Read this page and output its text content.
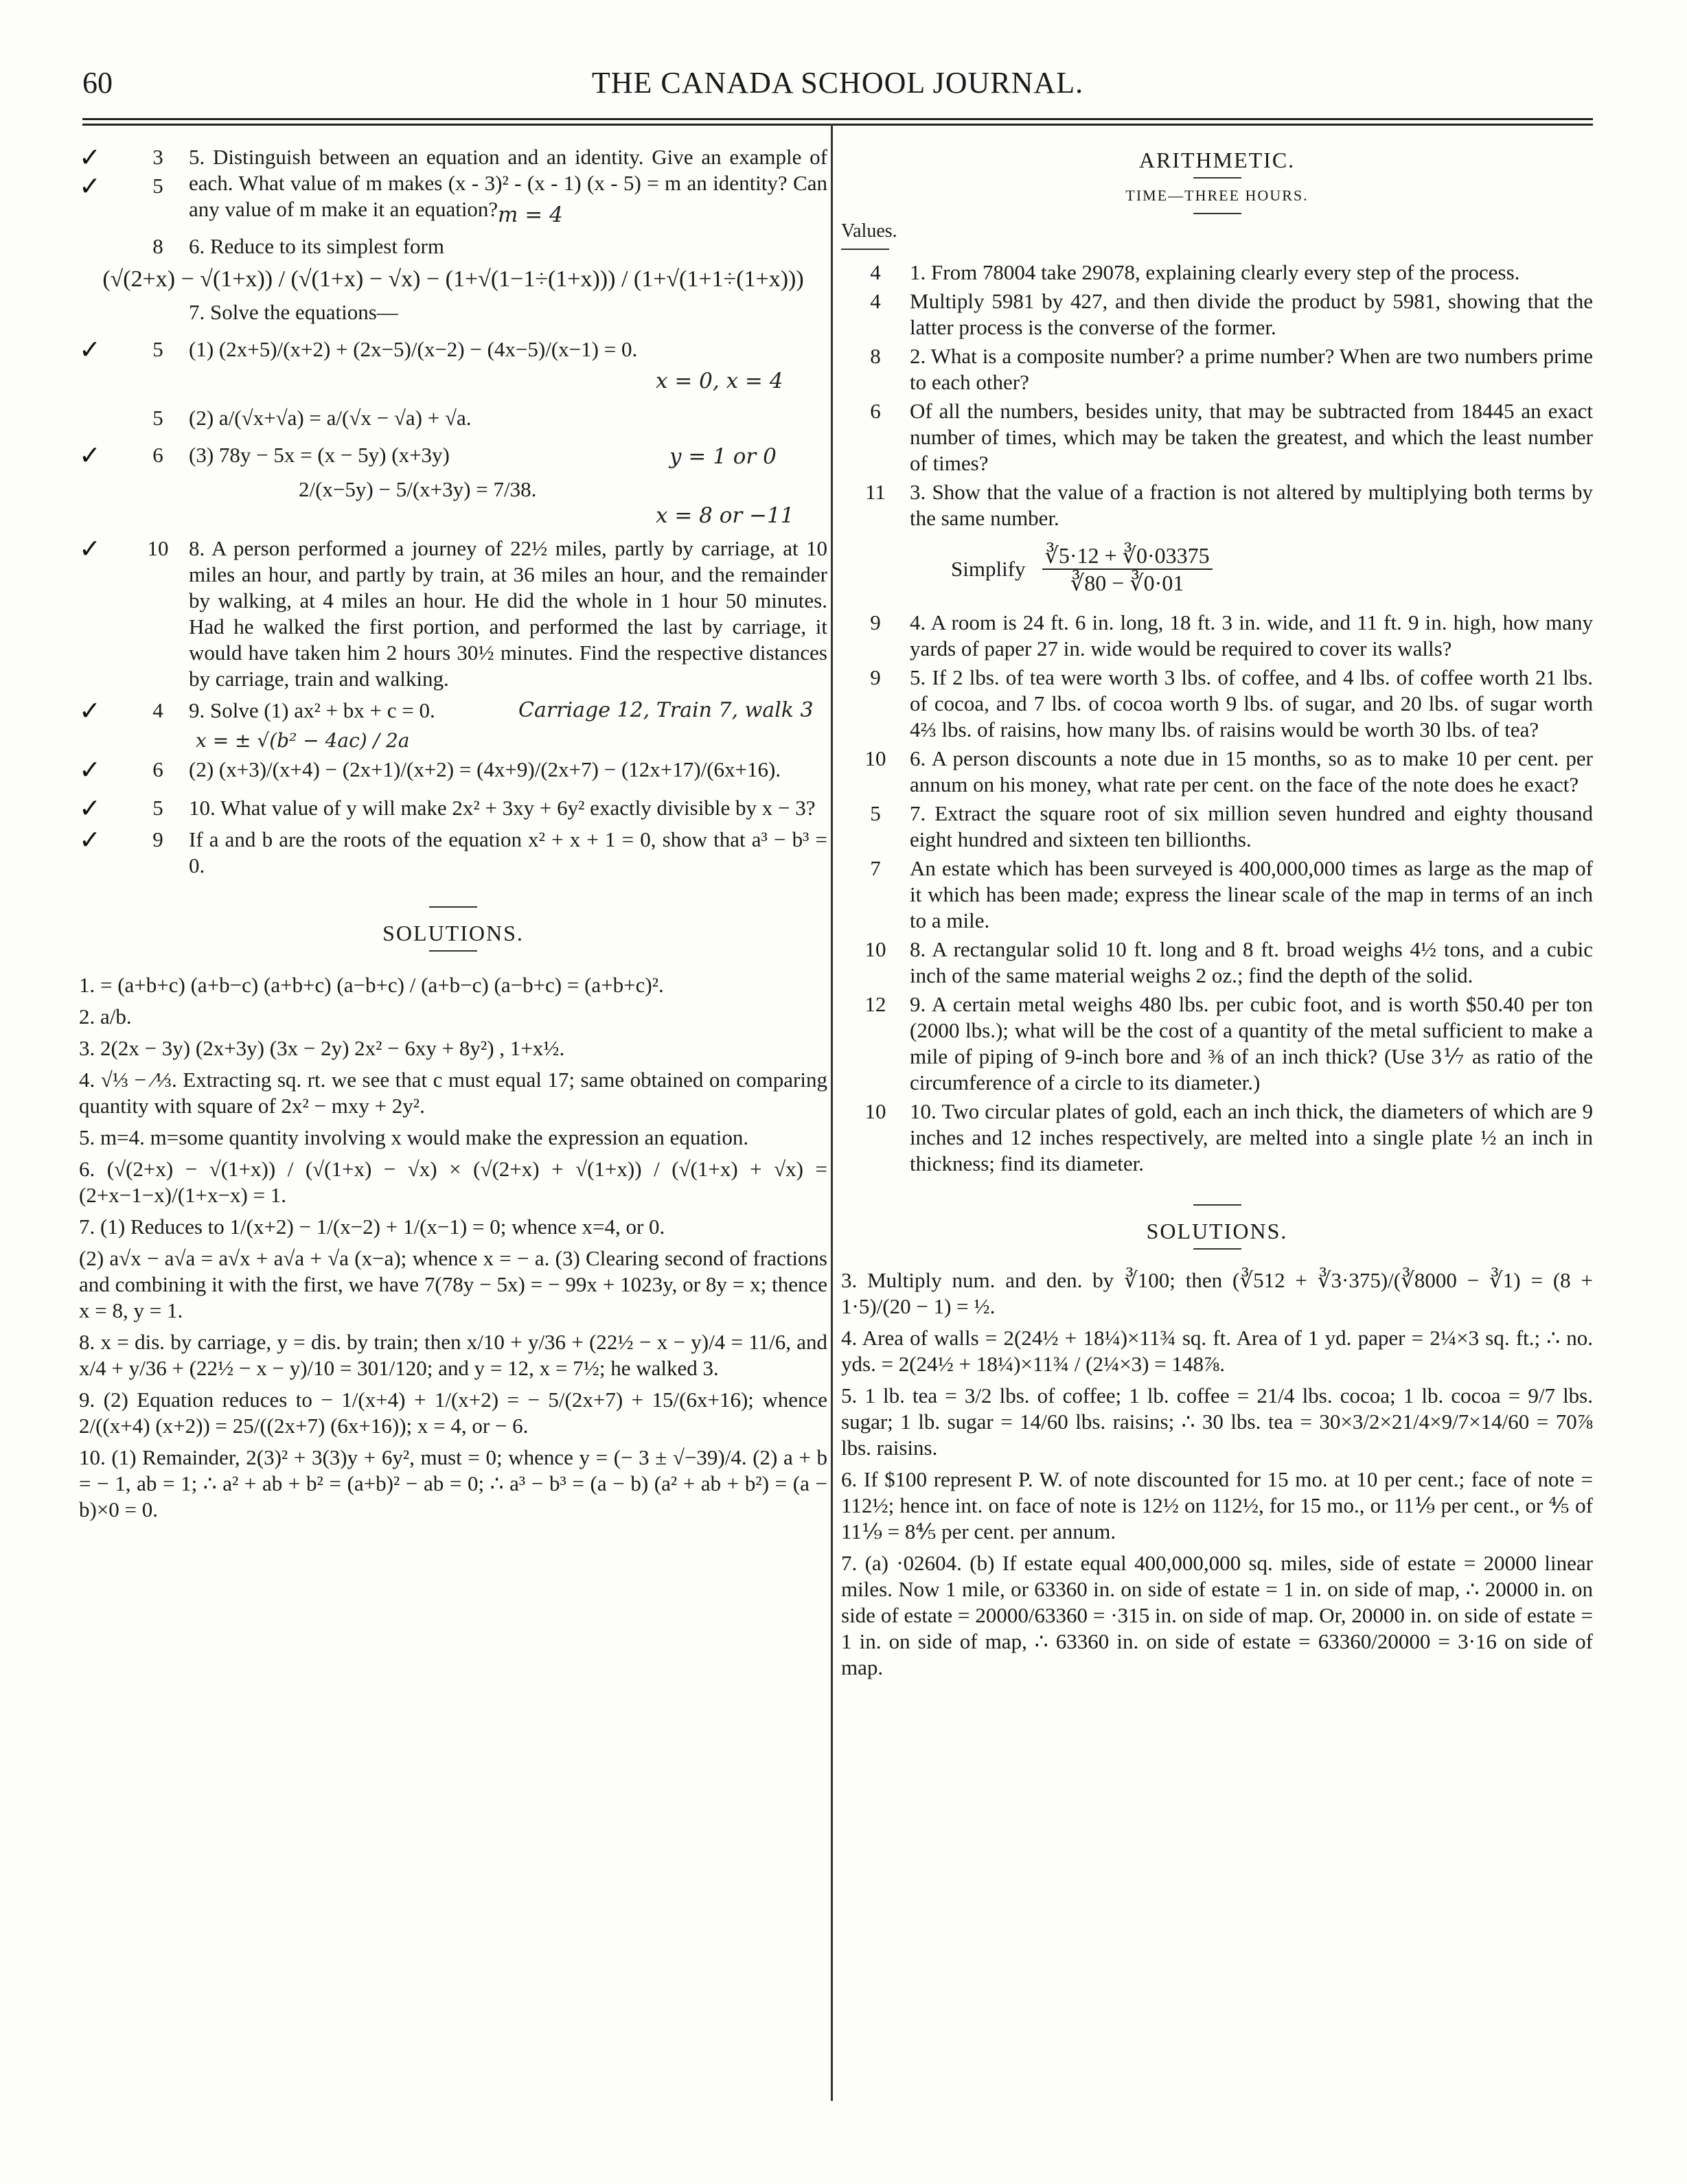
60	THE CANADA SCHOOL JOURNAL.
✓	3	5. Distinguish between an equation and an identity. Give an example of each. What value of m makes (x - 3)² - (x - 1) (x - 5) = m an identity? Can any value of m make it an equation?
✓	5
m = 4
8	6. Reduce to its simplest form
(√(2+x) − √(1+x)) / (√(1+x) − √x) − (1+√(1−1÷(1+x))) / (1+√(1+1÷(1+x)))
7. Solve the equations—
✓	5	(1) (2x+5)/(x+2) + (2x−5)/(x−2) − (4x−5)/(x−1) = 0.
x = 0, x = 4
5	(2) a/(√x+√a) = a/(√x − √a) + √a.
✓	6	(3) 78y − 5x = (x − 5y) (x+3y)	y = 1 or 0
2/(x−5y) − 5/(x+3y) = 7/38.
x = 8 or −11
✓	10 8. A person performed a journey of 22½ miles, partly by carriage, at 10 miles an hour, and partly by train, at 36 miles an hour, and the remainder by walking, at 4 miles an hour. He did the whole in 1 hour 50 minutes. Had he walked the first portion, and performed the last by carriage, it would have taken him 2 hours 30½ minutes. Find the respective distances by carriage, train and walking.
✓	4	9. Solve (1) ax² + bx + c = 0.	Carriage 12, Train 7, walk 3
x = ± √(b² − 4ac) / 2a
✓	6	(2) (x+3)/(x+4) − (2x+1)/(x+2) = (4x+9)/(2x+7) − (12x+17)/(6x+16).
✓	5	10. What value of y will make 2x² + 3xy + 6y² exactly divisible by x − 3?
✓	9	If a and b are the roots of the equation x² + x + 1 = 0, show that a³ − b³ = 0.
SOLUTIONS.
1. = (a+b+c) (a+b−c) (a+b+c) (a−b+c) / (a+b−c) (a−b+c) = (a+b+c)².
2. a/b.
3. 2(2x − 3y) (2x+3y) (3x − 2y) 2x² − 6xy + 8y²) , 1+x½.
4. √⅓ − ⁄⅓. Extracting sq. rt. we see that c must equal 17; same obtained on comparing quantity with square of 2x² − mxy + 2y².
5. m=4. m=some quantity involving x would make the expression an equation.
6. (√(2+x) − √(1+x)) / (√(1+x) − √x) × (√(2+x) + √(1+x)) / (√(1+x) + √x) = (2+x−1−x)/(1+x−x) = 1.
7. (1) Reduces to 1/(x+2) − 1/(x−2) + 1/(x−1) = 0; whence x=4, or 0.
(2) a√x − a√a = a√x + a√a + √a (x−a); whence x = − a. (3) Clearing second of fractions and combining it with the first, we have 7(78y − 5x) = − 99x + 1023y, or 8y = x; thence x = 8, y = 1.
8. x = dis. by carriage, y = dis. by train; then x/10 + y/36 + (22½ − x − y)/4 = 11/6, and x/4 + y/36 + (22½ − x − y)/10 = 301/120; and y = 12, x = 7½; he walked 3.
9. (2) Equation reduces to − 1/(x+4) + 1/(x+2) = − 5/(2x+7) + 15/(6x+16); whence 2/((x+4) (x+2)) = 25/((2x+7) (6x+16)); x = 4, or − 6.
10. (1) Remainder, 2(3)² + 3(3)y + 6y², must = 0; whence y = (− 3 ± √−39)/4. (2) a + b = − 1, ab = 1; ∴ a² + ab + b² = (a+b)² − ab = 0; ∴ a³ − b³ = (a − b) (a² + ab + b²) = (a − b)×0 = 0.
ARITHMETIC.
TIME—THREE HOURS.
Values.
4	1. From 78004 take 29078, explaining clearly every step of the process.
4	Multiply 5981 by 427, and then divide the product by 5981, showing that the latter process is the converse of the former.
8	2. What is a composite number? a prime number? When are two numbers prime to each other?
6	Of all the numbers, besides unity, that may be subtracted from 18445 an exact number of times, which may be taken the greatest, and which the least number of times?
11	3. Show that the value of a fraction is not altered by multiplying both terms by the same number.
Simplify $\frac{∛5\cdot 12 + ∛0\cdot 03375}{∛80 - ∛0\cdot 01}$
9	4. A room is 24 ft. 6 in. long, 18 ft. 3 in. wide, and 11 ft. 9 in. high, how many yards of paper 27 in. wide would be required to cover its walls?
9	5. If 2 lbs. of tea were worth 3 lbs. of coffee, and 4 lbs. of coffee worth 21 lbs. of cocoa, and 7 lbs. of cocoa worth 9 lbs. of sugar, and 20 lbs. of sugar worth 4⅔ lbs. of raisins, how many lbs. of raisins would be worth 30 lbs. of tea?
10	6. A person discounts a note due in 15 months, so as to make 10 per cent. per annum on his money, what rate per cent. on the face of the note does he exact?
5	7. Extract the square root of six million seven hundred and eighty thousand eight hundred and sixteen ten billionths.
7	An estate which has been surveyed is 400,000,000 times as large as the map of it which has been made; express the linear scale of the map in terms of an inch to a mile.
10	8. A rectangular solid 10 ft. long and 8 ft. broad weighs 4½ tons, and a cubic inch of the same material weighs 2 oz.; find the depth of the solid.
12	9. A certain metal weighs 480 lbs. per cubic foot, and is worth $50.40 per ton (2000 lbs.); what will be the cost of a quantity of the metal sufficient to make a mile of piping of 9-inch bore and ⅜ of an inch thick? (Use 3⅐ as ratio of the circumference of a circle to its diameter.)
10	10. Two circular plates of gold, each an inch thick, the diameters of which are 9 inches and 12 inches respectively, are melted into a single plate ½ an inch in thickness; find its diameter.
SOLUTIONS.
3. Multiply num. and den. by ∛100; then (∛512 + ∛3·375)/(∛8000 − ∛1) = (8 + 1·5)/(20 − 1) = ½.
4. Area of walls = 2(24½ + 18¼)×11¾ sq. ft. Area of 1 yd. paper = 2¼×3 sq. ft.; ∴ no. yds. = 2(24½ + 18¼)×11¾ / (2¼×3) = 148⅞.
5. 1 lb. tea = 3/2 lbs. of coffee; 1 lb. coffee = 21/4 lbs. cocoa; 1 lb. cocoa = 9/7 lbs. sugar; 1 lb. sugar = 14/60 lbs. raisins; ∴ 30 lbs. tea = 30×3/2×21/4×9/7×14/60 = 70⅞ lbs. raisins.
6. If $100 represent P. W. of note discounted for 15 mo. at 10 per cent.; face of note = 112½; hence int. on face of note is 12½ on 112½, for 15 mo., or 11⅑ per cent., or ⅘ of 11⅑ = 8⅘ per cent. per annum.
7. (a) ·02604. (b) If estate equal 400,000,000 sq. miles, side of estate = 20000 linear miles. Now 1 mile, or 63360 in. on side of estate = 1 in. on side of map, ∴ 20000 in. on side of estate = 20000/63360 = ·315 in. on side of map. Or, 20000 in. on side of estate = 1 in. on side of map, ∴ 63360 in. on side of estate = 63360/20000 = 3·16 on side of map.
